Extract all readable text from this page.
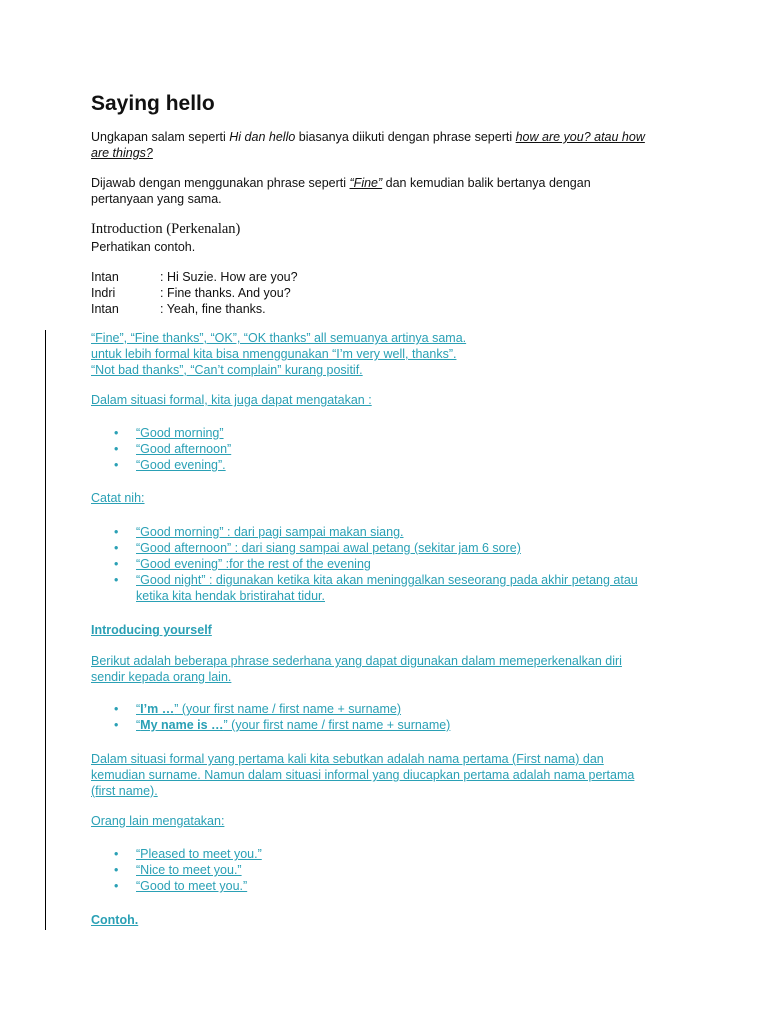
Saying hello
Ungkapan salam seperti Hi dan hello biasanya diikuti dengan phrase seperti how are you? atau how
are things?
Dijawab dengan menggunakan phrase seperti “Fine” dan kemudian balik bertanya dengan
pertanyaan yang sama.
Introduction (Perkenalan)
Perhatikan contoh.
Intan	: Hi Suzie. How are you?
Indri	: Fine thanks. And you?
Intan	: Yeah, fine thanks.
“Fine”, “Fine thanks”, “OK”, “OK thanks” all semuanya artinya sama.
untuk lebih formal kita bisa nmenggunakan “I’m very well, thanks”.
“Not bad thanks”, “Can’t complain” kurang positif.
Dalam situasi formal, kita juga dapat mengatakan :
• “Good morning”
• “Good afternoon”
• “Good evening”.
Catat nih:
• “Good morning” : dari pagi sampai makan siang.
• “Good afternoon” : dari siang sampai awal petang (sekitar jam 6 sore)
• “Good evening” :for the rest of the evening
• “Good night” : digunakan ketika kita akan meninggalkan seseorang pada akhir petang atau
ketika kita hendak bristirahat tidur.
Introducing yourself
Berikut adalah beberapa phrase sederhana yang dapat digunakan dalam memeperkenalkan diri
sendir kepada orang lain.
• “I’m …” (your first name / first name + surname)
• “My name is …” (your first name / first name + surname)
Dalam situasi formal yang pertama kali kita sebutkan adalah nama pertama (First nama) dan
kemudian surname. Namun dalam situasi informal yang diucapkan pertama adalah nama pertama
(first name).
Orang lain mengatakan:
• “Pleased to meet you.”
• “Nice to meet you.”
• “Good to meet you.”
Contoh.
